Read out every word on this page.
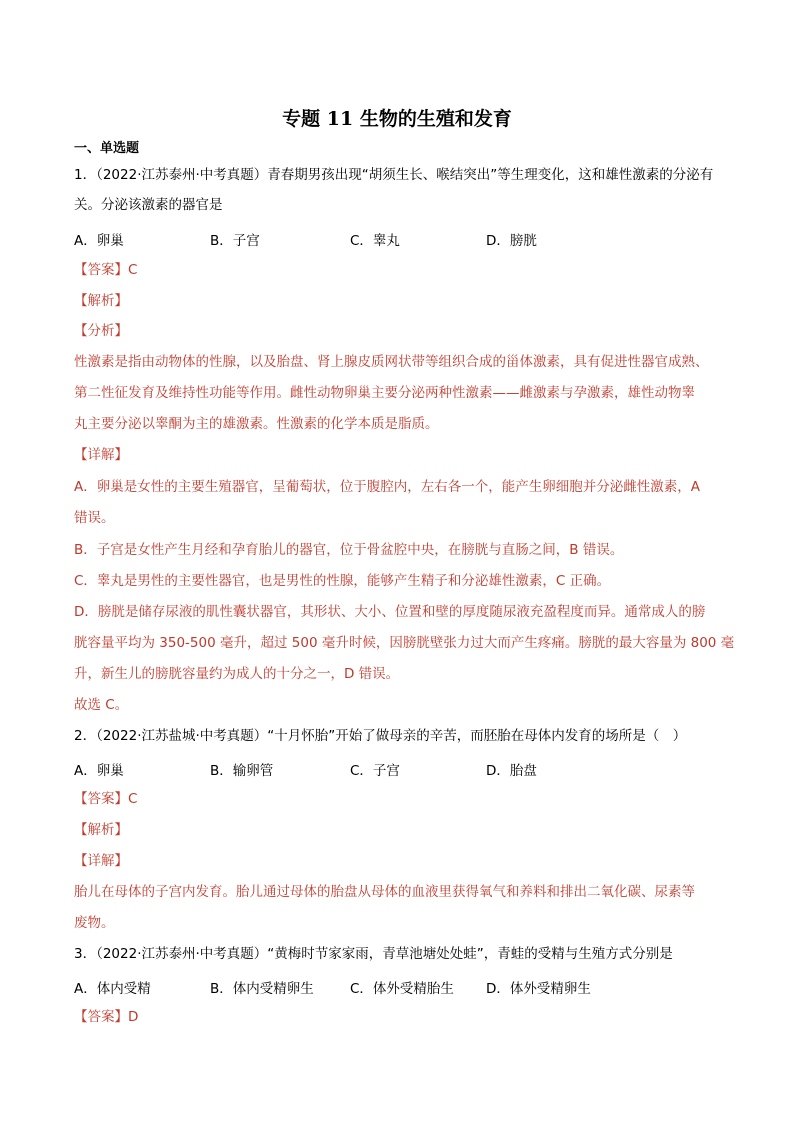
专题 11 生物的生殖和发育
一、单选题
1．（2022·江苏泰州·中考真题）青春期男孩出现“胡须生长、喉结突出”等生理变化，这和雄性激素的分泌有
关。分泌该激素的器官是
A．卵巢	B．子宫	C．睾丸	D．膀胱
【答案】C
【解析】
【分析】
性激素是指由动物体的性腺，以及胎盘、肾上腺皮质网状带等组织合成的甾体激素，具有促进性器官成熟、
第二性征发育及维持性功能等作用。雌性动物卵巢主要分泌两种性激素——雌激素与孕激素，雄性动物睾
丸主要分泌以睾酮为主的雄激素。性激素的化学本质是脂质。
【详解】
A．卵巢是女性的主要生殖器官，呈葡萄状，位于腹腔内，左右各一个，能产生卵细胞并分泌雌性激素，A
错误。
B．子宫是女性产生月经和孕育胎儿的器官，位于骨盆腔中央，在膀胱与直肠之间，B 错误。
C．睾丸是男性的主要性器官，也是男性的性腺，能够产生精子和分泌雄性激素，C 正确。
D．膀胱是储存尿液的肌性囊状器官，其形状、大小、位置和壁的厚度随尿液充盈程度而异。通常成人的膀
胱容量平均为 350-500 毫升，超过 500 毫升时候，因膀胱壁张力过大而产生疼痛。膀胱的最大容量为 800 毫
升，新生儿的膀胱容量约为成人的十分之一，D 错误。
故选 C。
2．（2022·江苏盐城·中考真题）“十月怀胎”开始了做母亲的辛苦，而胚胎在母体内发育的场所是（　）
A．卵巢	B．输卵管	C．子宫	D．胎盘
【答案】C
【解析】
【详解】
胎儿在母体的子宫内发育。胎儿通过母体的胎盘从母体的血液里获得氧气和养料和排出二氧化碳、尿素等
废物。
3．（2022·江苏泰州·中考真题）“黄梅时节家家雨，青草池塘处处蛙”，青蛙的受精与生殖方式分别是
A．体内受精	B．体内受精卵生	C．体外受精胎生 D．体外受精卵生
【答案】D
